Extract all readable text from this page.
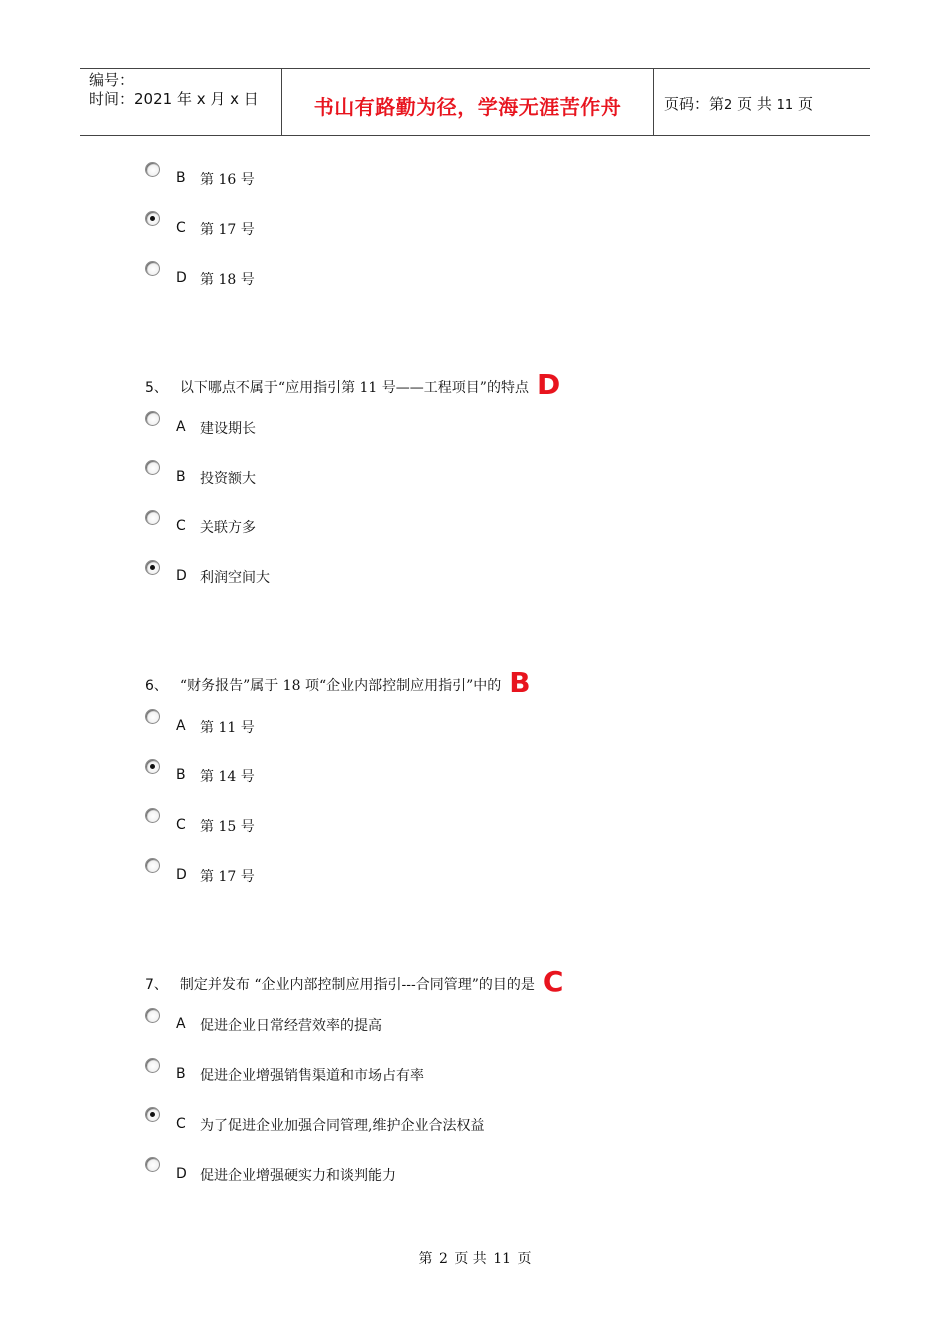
编号：
时间：2021 年 x 月 x 日	书山有路勤为径，学海无涯苦作舟	页码：第2 页 共 11 页
B 第 16 号
C 第 17 号
D 第 18 号
5、 以下哪点不属于“应用指引第 11 号——工程项目”的特点 D
A 建设期长
B 投资额大
C 关联方多
D 利润空间大
6、 “财务报告”属于 18 项“企业内部控制应用指引”中的 B
A 第 11 号
B 第 14 号
C 第 15 号
D 第 17 号
7、 制定并发布 “企业内部控制应用指引---合同管理”的目的是 C
A 促进企业日常经营效率的提高
B 促进企业增强销售渠道和市场占有率
C 为了促进企业加强合同管理,维护企业合法权益
D 促进企业增强硬实力和谈判能力
第 2 页 共 11 页
